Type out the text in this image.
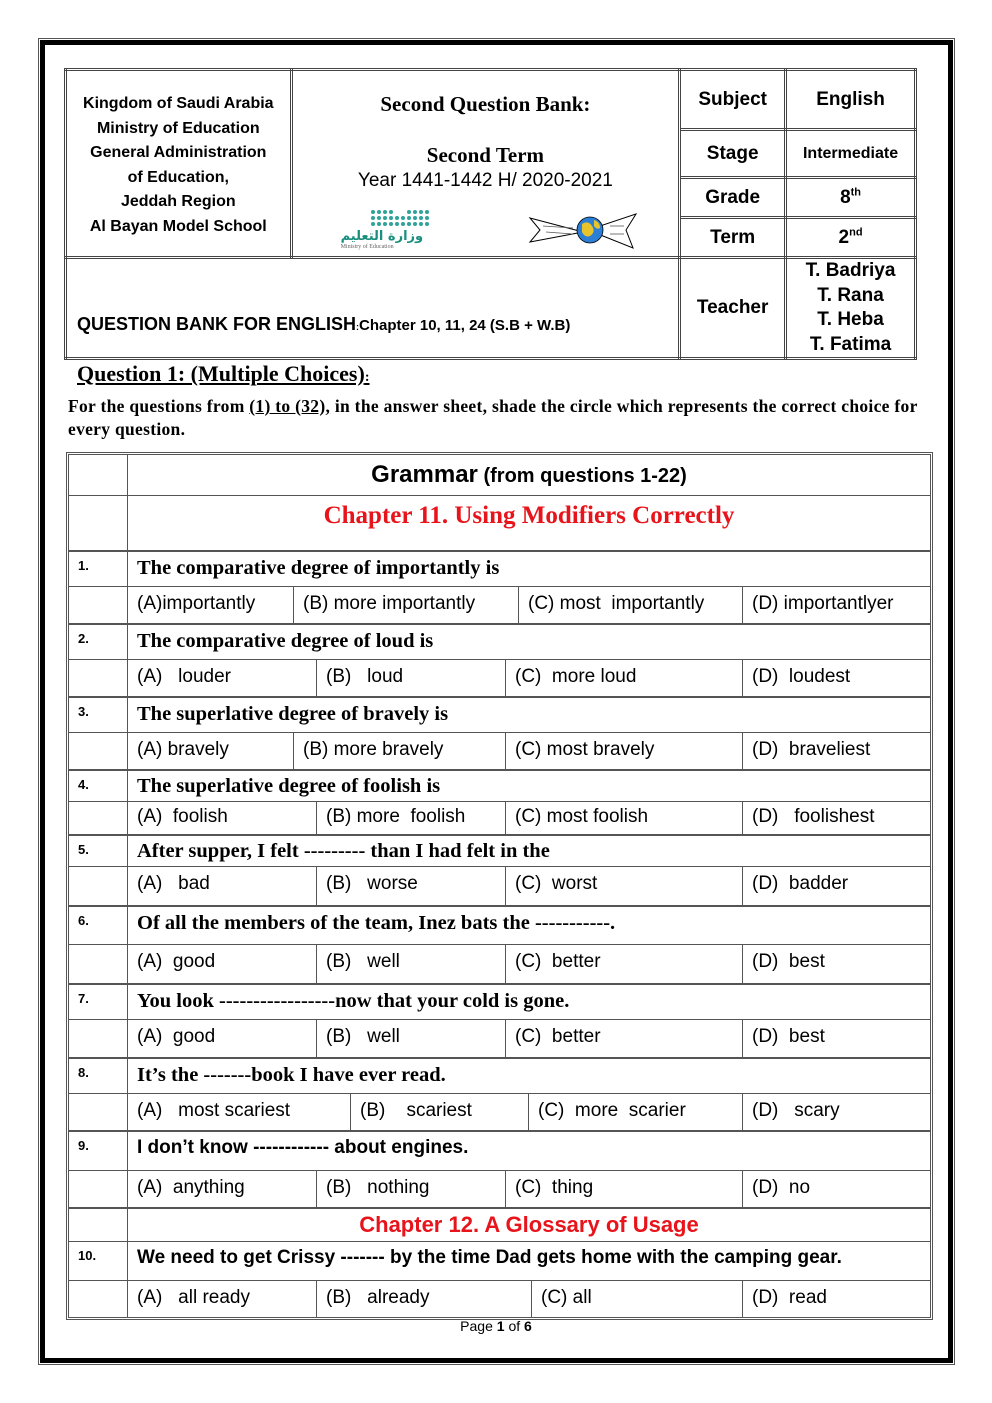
Kingdom of Saudi Arabia
Ministry of Education
General Administration
of Education,
Jeddah Region
Al Bayan Model School

Second Question Bank:
Second Term
Year 1441-1442 H/ 2020-2021
وزارة التعليم
Ministry of Education
	Subject	English
		Stage	Intermediate
		Grade	8th
		Term	2nd
QUESTION BANK FOR ENGLISH:Chapter 10, 11, 24 (S.B + W.B)		Teacher	T. Badriya
T. Rana
T. Heba
T. Fatima
Question 1: (Multiple Choices):
For the questions from (1) to (32), in the answer sheet, shade the circle which represents the correct choice for every question.
Grammar (from questions 1-22)
Chapter 11. Using Modifiers Correctly
1.	The comparative degree of importantly is
(A)importantly	(B) more importantly	(C) most  importantly	(D) importantlyer
2.	The comparative degree of loud is
(A)   louder	(B)   loud	(C)  more loud	(D)  loudest
3.	The superlative degree of bravely is
(A) bravely	(B) more bravely	(C) most bravely	(D)  braveliest
4.	The superlative degree of foolish is
(A)  foolish	(B) more  foolish	(C) most foolish	(D)   foolishest
5.	After supper, I felt --------- than I had felt in the
(A)   bad	(B)   worse	(C)  worst	(D)  badder
6.	Of all the members of the team, Inez bats the -----------.
(A)  good	(B)   well	(C)  better	(D)  best
7.	You look -----------------now that your cold is gone.
(A)  good	(B)   well	(C)  better	(D)  best
8.	It’s the -------book I have ever read.
(A)   most scariest	(B)    scariest	(C)  more  scarier	(D)   scary
9.	I don’t know ------------ about engines.
(A)  anything	(B)   nothing	(C)  thing	(D)  no
Chapter 12. A Glossary of Usage
10.	We need to get Crissy ------- by the time Dad gets home with the camping gear.
(A)   all ready	(B)   already	(C) all	(D)  read
Page 1 of 6
